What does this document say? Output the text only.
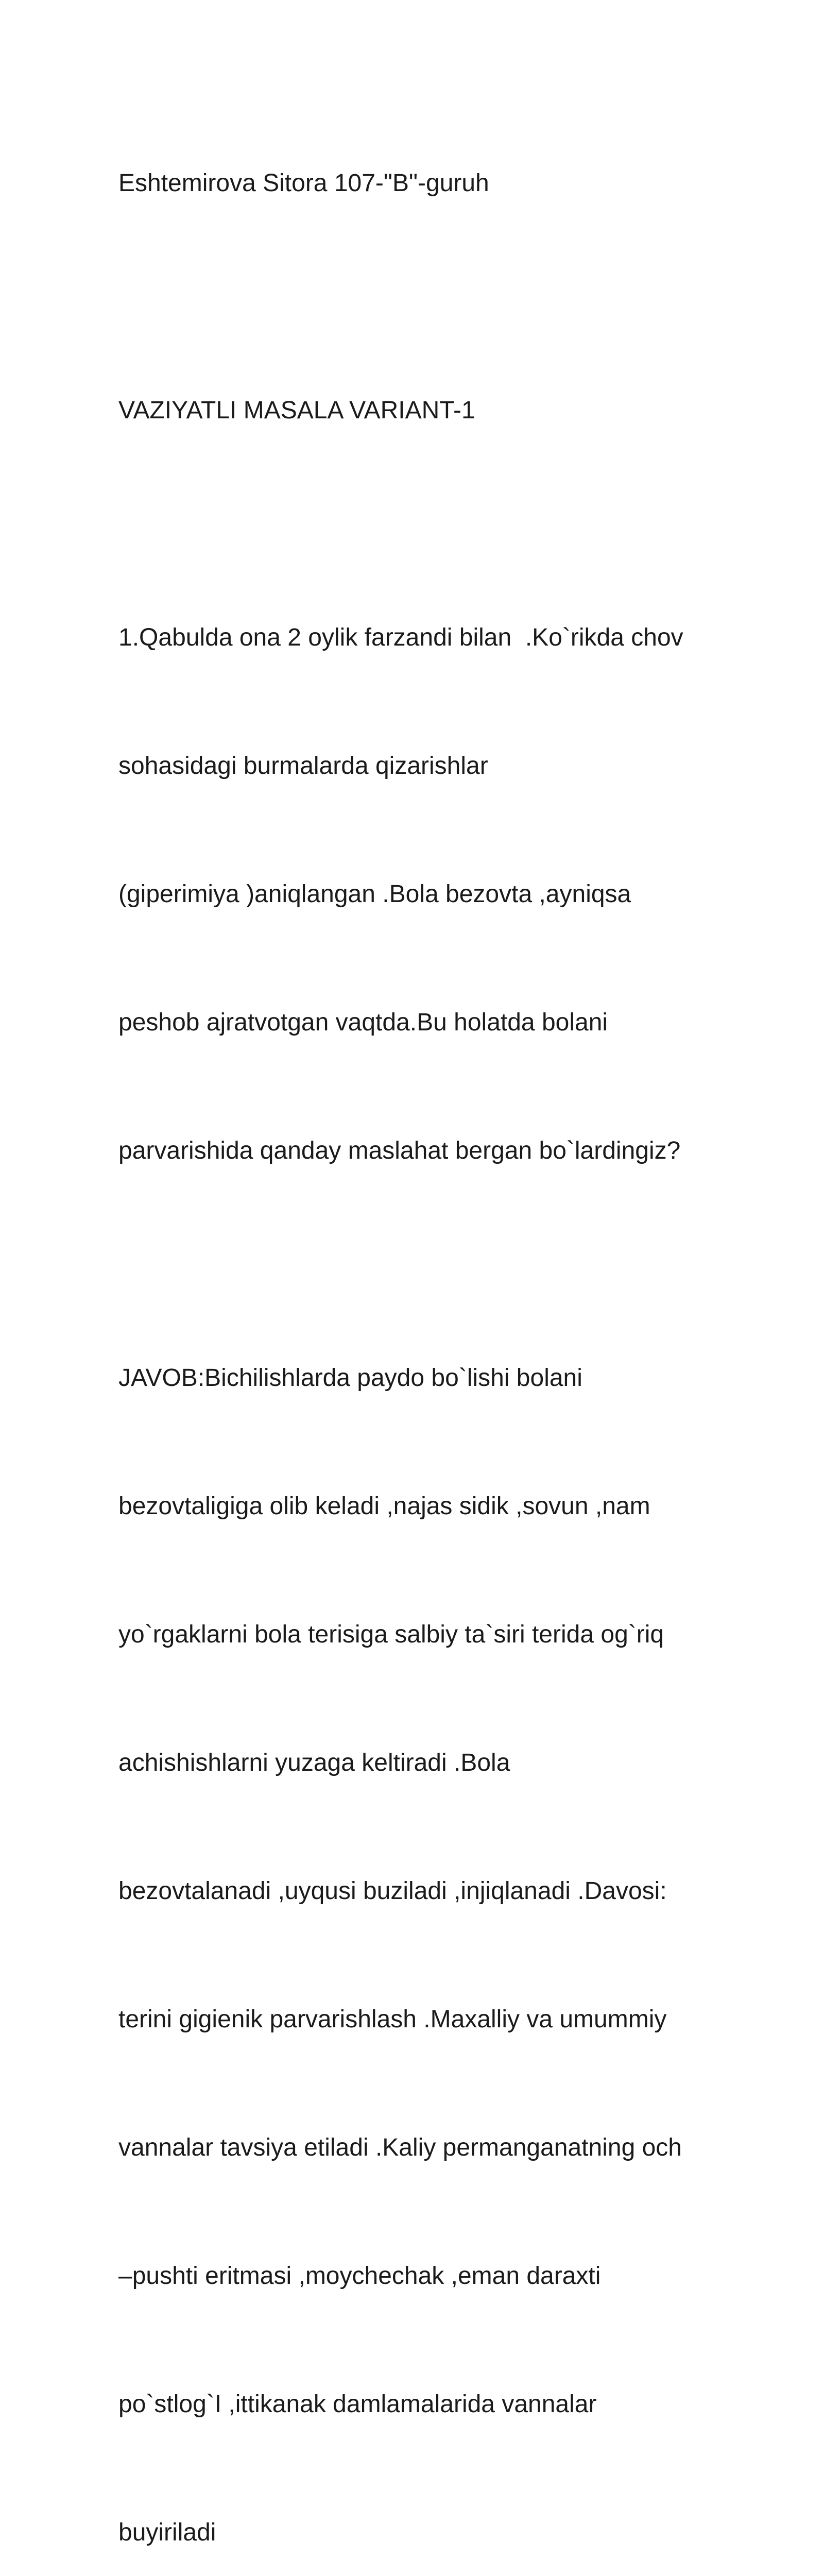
Eshtemirova Sitora 107-"B"-guruh

VAZIYATLI MASALA VARIANT-1

1.Qabulda ona 2 oylik farzandi bilan  .Ko`rikda chov

sohasidagi burmalarda qizarishlar

(giperimiya )aniqlangan .Bola bezovta ,ayniqsa

peshob ajratvotgan vaqtda.Bu holatda bolani

parvarishida qanday maslahat bergan bo`lardingiz?

JAVOB:Bichilishlarda paydo bo`lishi bolani

bezovtaligiga olib keladi ,najas sidik ,sovun ,nam

yo`rgaklarni bola terisiga salbiy ta`siri terida og`riq

achishishlarni yuzaga keltiradi .Bola

bezovtalanadi ,uyqusi buziladi ,injiqlanadi .Davosi:

terini gigienik parvarishlash .Maxalliy va umummiy

vannalar tavsiya etiladi .Kaliy permanganatning och

–pushti eritmasi ,moychechak ,eman daraxti

po`stlog`I ,ittikanak damlamalarida vannalar

buyiriladi
